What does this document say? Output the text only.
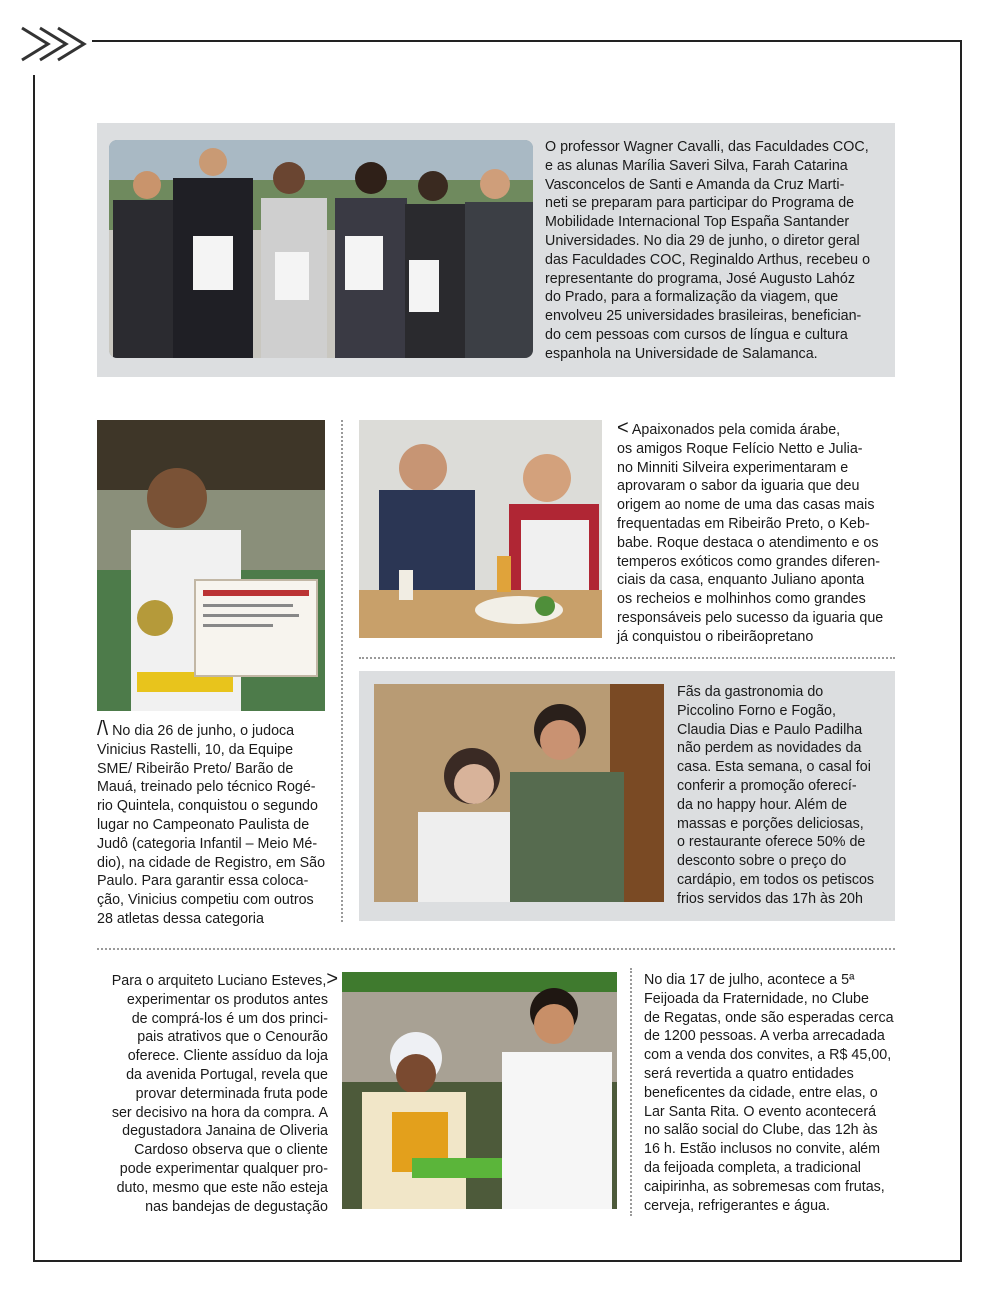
O professor Wagner Cavalli, das Faculdades COC,
e as alunas Marília Saveri Silva, Farah Catarina
Vasconcelos de Santi e Amanda da Cruz Marti-
neti se preparam para participar do Programa de
Mobilidade Internacional Top España Santander
Universidades. No dia 29 de junho, o diretor geral
das Faculdades COC, Reginaldo Arthus, recebeu o
representante do programa, José Augusto Lahóz
do Prado, para a formalização da viagem, que
envolveu 25 universidades brasileiras, benefician-
do cem pessoas com cursos de língua e cultura
espanhola na Universidade de Salamanca.
/\ No dia 26 de junho, o judoca
Vinicius Rastelli, 10, da Equipe
SME/ Ribeirão Preto/ Barão de
Mauá, treinado pelo técnico Rogé-
rio Quintela, conquistou o segundo
lugar no Campeonato Paulista de
Judô (categoria Infantil – Meio Mé-
dio), na cidade de Registro, em São
Paulo. Para garantir essa coloca-
ção, Vinicius competiu com outros
28 atletas dessa categoria
< Apaixonados pela comida árabe,
os amigos Roque Felício Netto e Julia-
no Minniti Silveira experimentaram e
aprovaram o sabor da iguaria que deu
origem ao nome de uma das casas mais
frequentadas em Ribeirão Preto, o Keb-
babe. Roque destaca o atendimento e os
temperos exóticos como grandes diferen-
ciais da casa, enquanto Juliano aponta
os recheios e molhinhos como grandes
responsáveis pelo sucesso da iguaria que
já conquistou o ribeirãopretano
Fãs da gastronomia do
Piccolino Forno e Fogão,
Claudia Dias e Paulo Padilha
não perdem as novidades da
casa. Esta semana, o casal foi
conferir a promoção oferecí-
da no happy hour. Além de
massas e porções deliciosas,
o restaurante oferece 50% de
desconto sobre o preço do
cardápio, em todos os petiscos
frios servidos das 17h às 20h
Para o arquiteto Luciano Esteves,>
experimentar os produtos antes
de comprá-los é um dos princi-
pais atrativos que o Cenourão
oferece. Cliente assíduo da loja
da avenida Portugal, revela que
provar determinada fruta pode
ser decisivo na hora da compra. A
degustadora Janaina de Oliveria
Cardoso observa que o cliente
pode experimentar qualquer pro-
duto, mesmo que este não esteja
nas bandejas de degustação
No dia 17 de julho, acontece a 5ª
Feijoada da Fraternidade, no Clube
de Regatas, onde são esperadas cerca
de 1200 pessoas. A verba arrecadada
com a venda dos convites, a R$ 45,00,
será revertida a quatro entidades
beneficentes da cidade, entre elas, o
Lar Santa Rita. O evento acontecerá
no salão social do Clube, das 12h às
16 h. Estão inclusos no convite, além
da feijoada completa, a tradicional
caipirinha, as sobremesas com frutas,
cerveja, refrigerantes e água.
